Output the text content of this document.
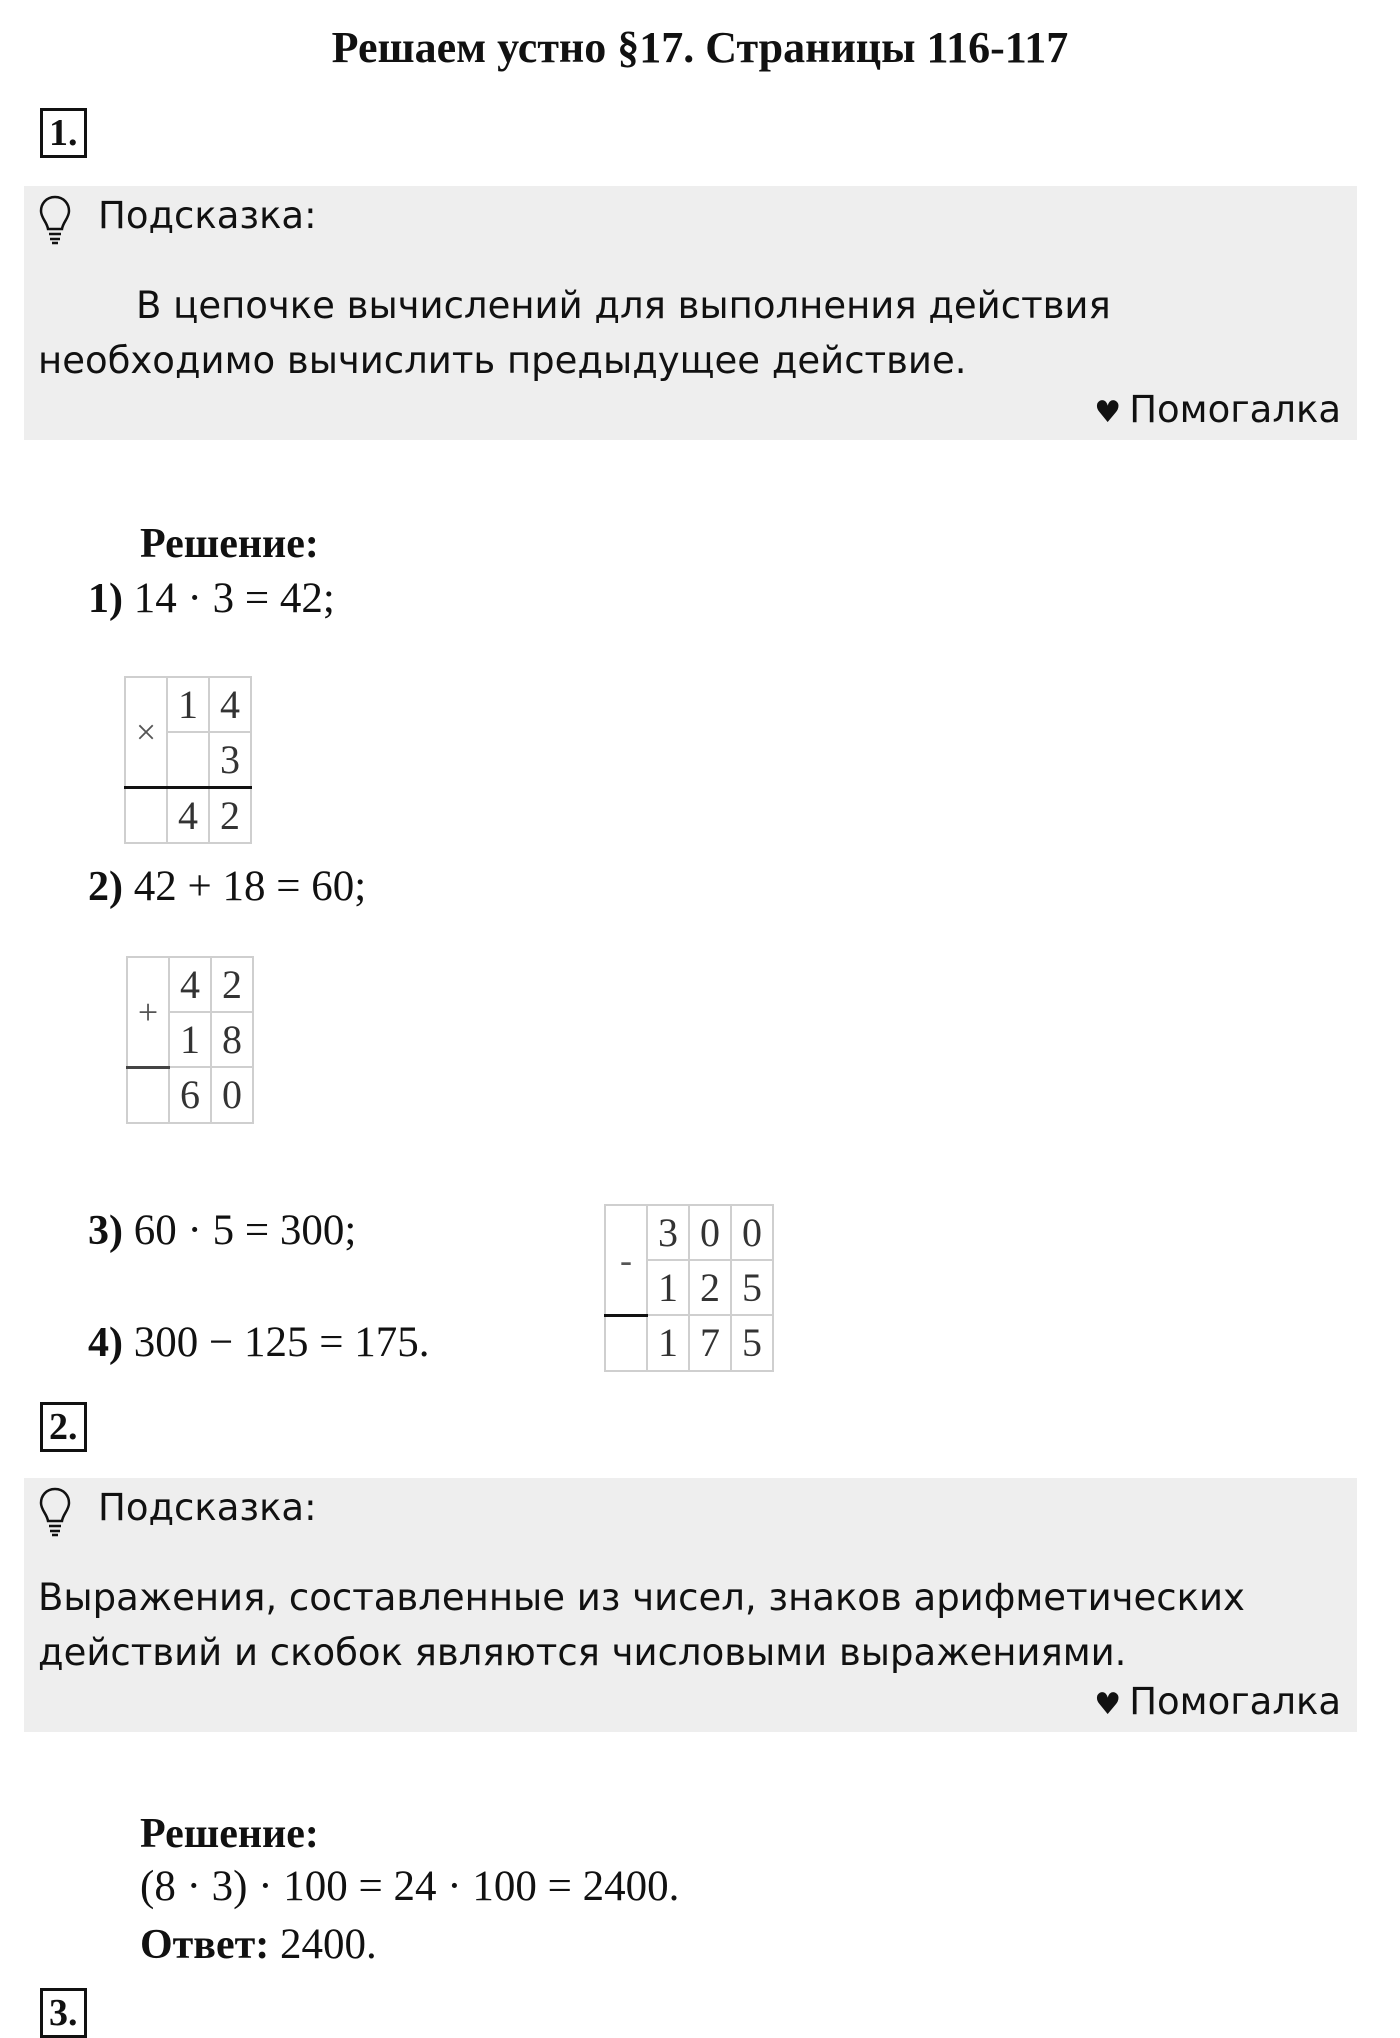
Решаем устно §17. Страницы 116-117
1.
Подсказка:
В цепочке вычислений для выполнения действия необходимо вычислить предыдущее действие.
♥ Помогалка
Решение:
1) 14 · 3 = 42;
×	1	4
		3
	4	2
2) 42 + 18 = 60;
+	4	2
	1	8
	6	0
3) 60 · 5 = 300;
4) 300 − 125 = 175.
-	3	0	0
	1	2	5
	1	7	5
2.
Подсказка:
Выражения, составленные из чисел, знаков арифметических действий и скобок являются числовыми выражениями.
♥ Помогалка
Решение:
(8 · 3) · 100 = 24 · 100 = 2400.
Ответ: 2400.
3.
